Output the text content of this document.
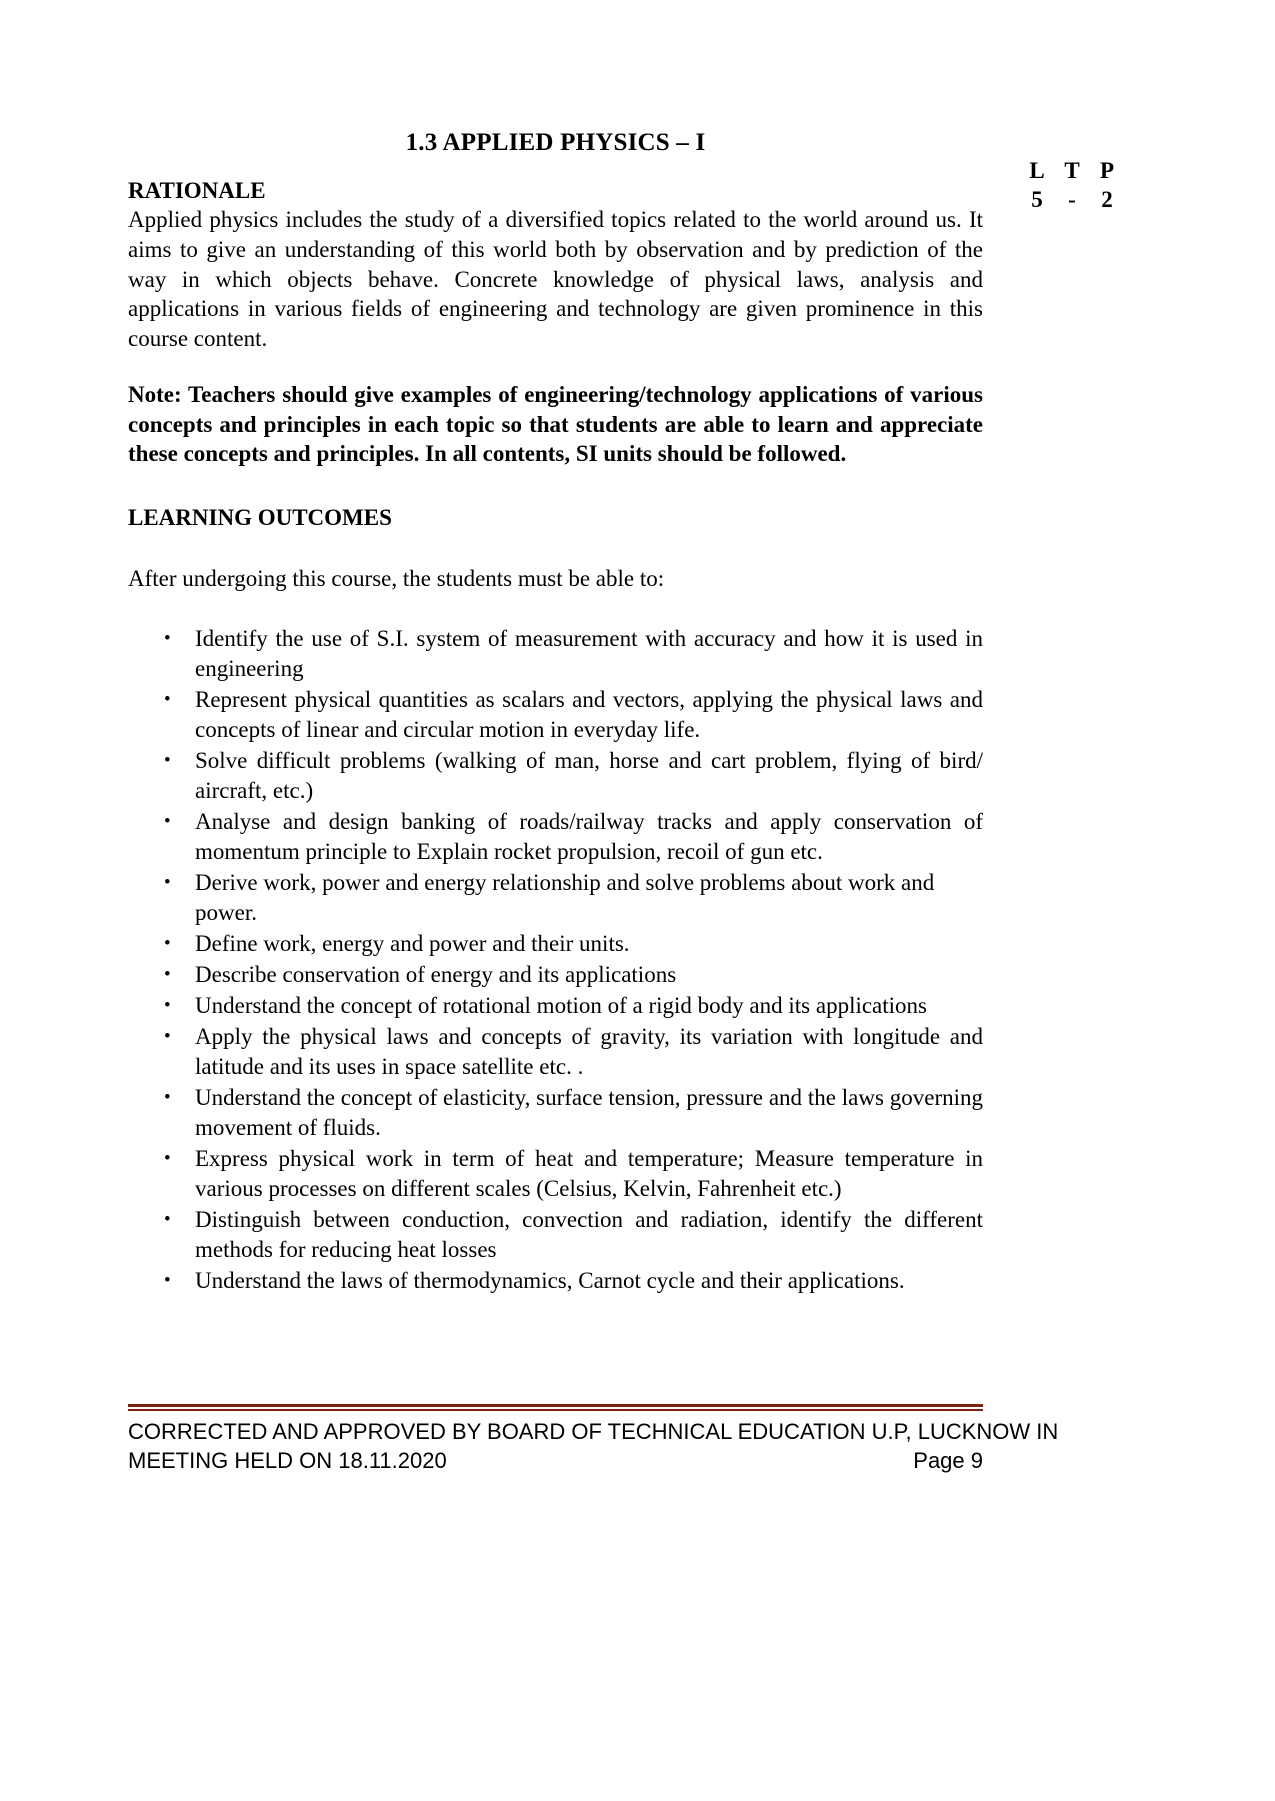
1.3 APPLIED PHYSICS – I
RATIONALE

Applied physics includes the study of a diversified topics related to the world around us. It aims to give an understanding of this world both by observation and by prediction of the way in which objects behave. Concrete knowledge of physical laws, analysis and applications in various fields of engineering and technology are given prominence in this course content.

Note: Teachers should give examples of engineering/technology applications of various concepts and principles in each topic so that students are able to learn and appreciate these concepts and principles. In all contents, SI units should be followed.

LEARNING OUTCOMES

After undergoing this course, the students must be able to:

• Identify the use of S.I. system of measurement with accuracy and how it is used in engineering
• Represent physical quantities as scalars and vectors, applying the physical laws and concepts of linear and circular motion in everyday life.
• Solve difficult problems (walking of man, horse and cart problem, flying of bird/ aircraft, etc.)
• Analyse and design banking of roads/railway tracks and apply conservation of momentum principle to Explain rocket propulsion, recoil of gun etc.
• Derive work, power and energy relationship and solve problems about work and power.
• Define work, energy and power and their units.
• Describe conservation of energy and its applications
• Understand the concept of rotational motion of a rigid body and its applications
• Apply the physical laws and concepts of gravity, its variation with longitude and latitude and its uses in space satellite etc. .
• Understand the concept of elasticity, surface tension, pressure and the laws governing movement of fluids.
• Express physical work in term of heat and temperature; Measure temperature in various processes on different scales (Celsius, Kelvin, Fahrenheit etc.)
• Distinguish between conduction, convection and radiation, identify the different methods for reducing heat losses
• Understand the laws of thermodynamics, Carnot cycle and their applications.
L T P
5	-	2
CORRECTED AND APPROVED BY BOARD OF TECHNICAL EDUCATION U.P, LUCKNOW IN
MEETING HELD ON 18.11.2020	Page 9
